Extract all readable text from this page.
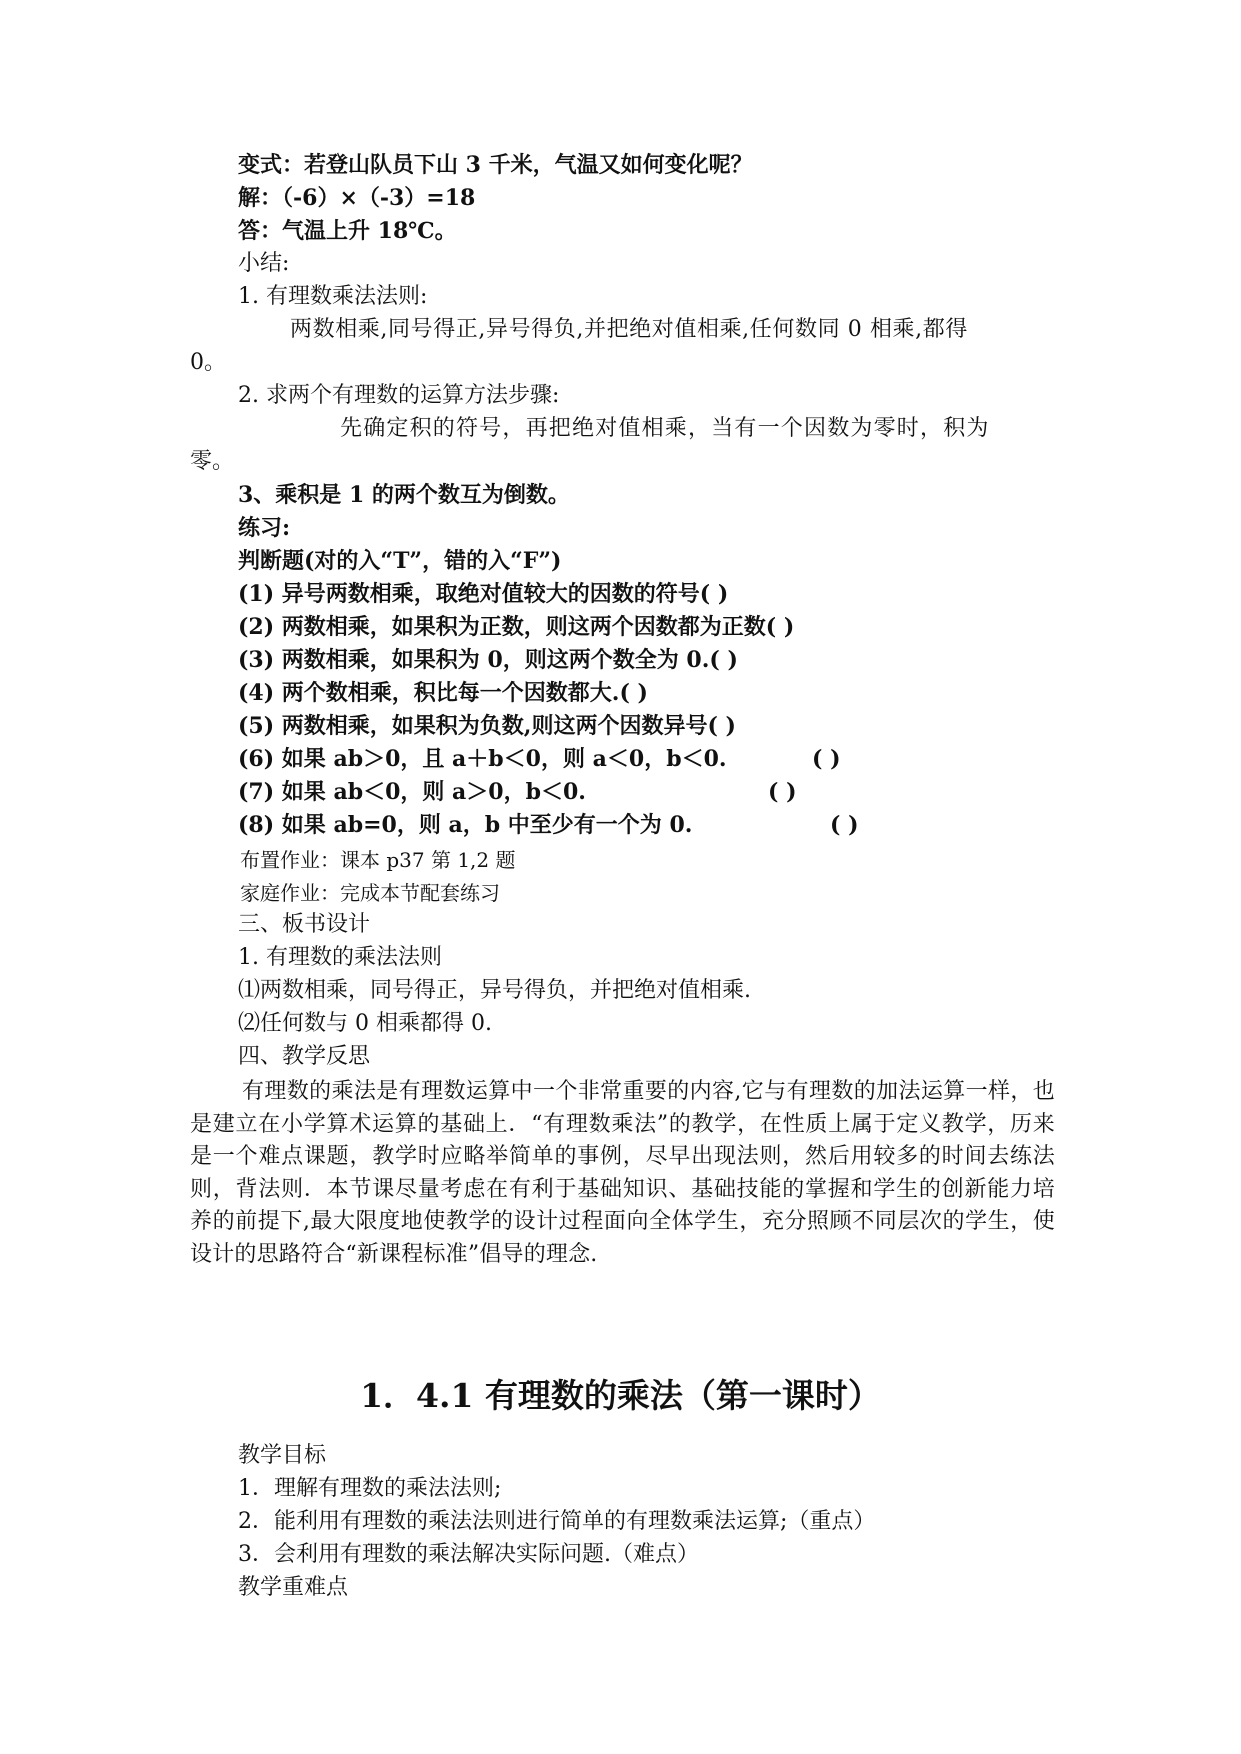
变式：若登山队员下山 3 千米，气温又如何变化呢？
解：（-6）×（-3）=18
答：气温上升 18℃。
小结:
1. 有理数乘法法则:
两数相乘,同号得正,异号得负,并把绝对值相乘,任何数同 0 相乘,都得
0。
2. 求两个有理数的运算方法步骤:
先确定积的符号，再把绝对值相乘，当有一个因数为零时，积为
零。
3、乘积是 1 的两个数互为倒数。
练习:
判断题(对的入“T”，错的入“F”)
(1) 异号两数相乘，取绝对值较大的因数的符号( )
(2) 两数相乘，如果积为正数，则这两个因数都为正数( )
(3) 两数相乘，如果积为 0，则这两个数全为 0.( )
(4) 两个数相乘，积比每一个因数都大.( )
(5) 两数相乘，如果积为负数,则这两个因数异号( )
(6) 如果 ab＞0，且 a＋b＜0，则 a＜0，b＜0.	( )
(7) 如果 ab＜0，则 a＞0，b＜0.	( )
(8) 如果 ab=0，则 a，b 中至少有一个为 0.	( )
布置作业：课本 p37 第 1,2 题
家庭作业：完成本节配套练习
三、板书设计
1. 有理数的乘法法则
⑴两数相乘，同号得正，异号得负，并把绝对值相乘.
⑵任何数与 0 相乘都得 0.
四、教学反思
有理数的乘法是有理数运算中一个非常重要的内容,它与有理数的加法运算一样，也是建立在小学算术运算的基础上．“有理数乘法”的教学，在性质上属于定义教学，历来是一个难点课题，教学时应略举简单的事例，尽早出现法则，然后用较多的时间去练法则，背法则．本节课尽量考虑在有利于基础知识、基础技能的掌握和学生的创新能力培养的前提下,最大限度地使教学的设计过程面向全体学生，充分照顾不同层次的学生，使设计的思路符合“新课程标准”倡导的理念.
1．4.1 有理数的乘法（第一课时）
教学目标
1．理解有理数的乘法法则;
2．能利用有理数的乘法法则进行简单的有理数乘法运算;（重点）
3．会利用有理数的乘法解决实际问题.（难点）
教学重难点
